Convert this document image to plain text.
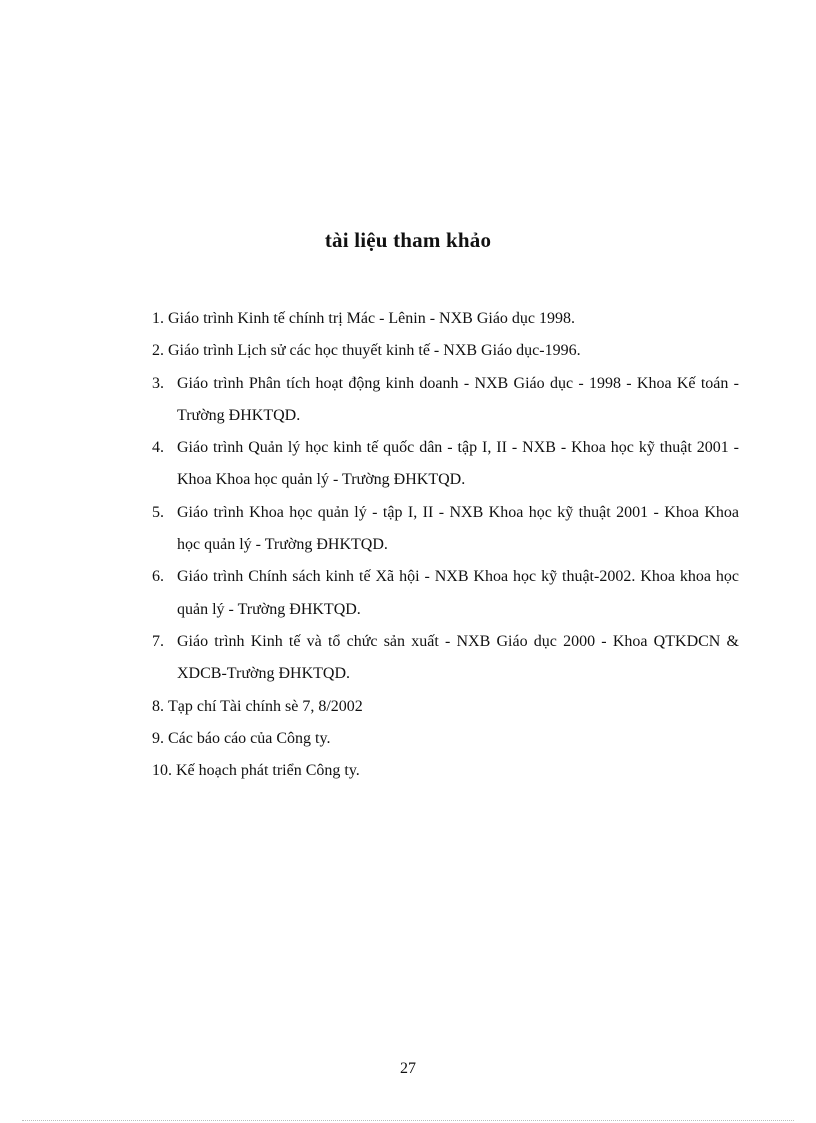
tài liệu tham khảo
1. Giáo trình Kinh tế chính trị Mác - Lênin - NXB Giáo dục 1998.
2. Giáo trình Lịch sử các học thuyết kinh tế - NXB Giáo dục-1996.
3. Giáo trình Phân tích hoạt động kinh doanh - NXB Giáo dục - 1998 - Khoa Kế toán - Trường ĐHKTQD.
4. Giáo trình Quản lý học kinh tế quốc dân - tập I, II - NXB - Khoa học kỹ thuật 2001 - Khoa Khoa học quản lý - Trường ĐHKTQD.
5. Giáo trình Khoa học quản lý - tập I, II - NXB Khoa học kỹ thuật 2001 - Khoa Khoa học quản lý - Trường ĐHKTQD.
6. Giáo trình Chính sách kinh tế Xã hội - NXB Khoa học kỹ thuật-2002. Khoa khoa học quản lý - Trường ĐHKTQD.
7. Giáo trình Kinh tế và tổ chức sản xuất - NXB Giáo dục 2000 - Khoa QTKDCN & XDCB-Trường ĐHKTQD.
8. Tạp chí Tài chính sè 7, 8/2002
9. Các báo cáo của Công ty.
10. Kế hoạch phát triển Công ty.
27
